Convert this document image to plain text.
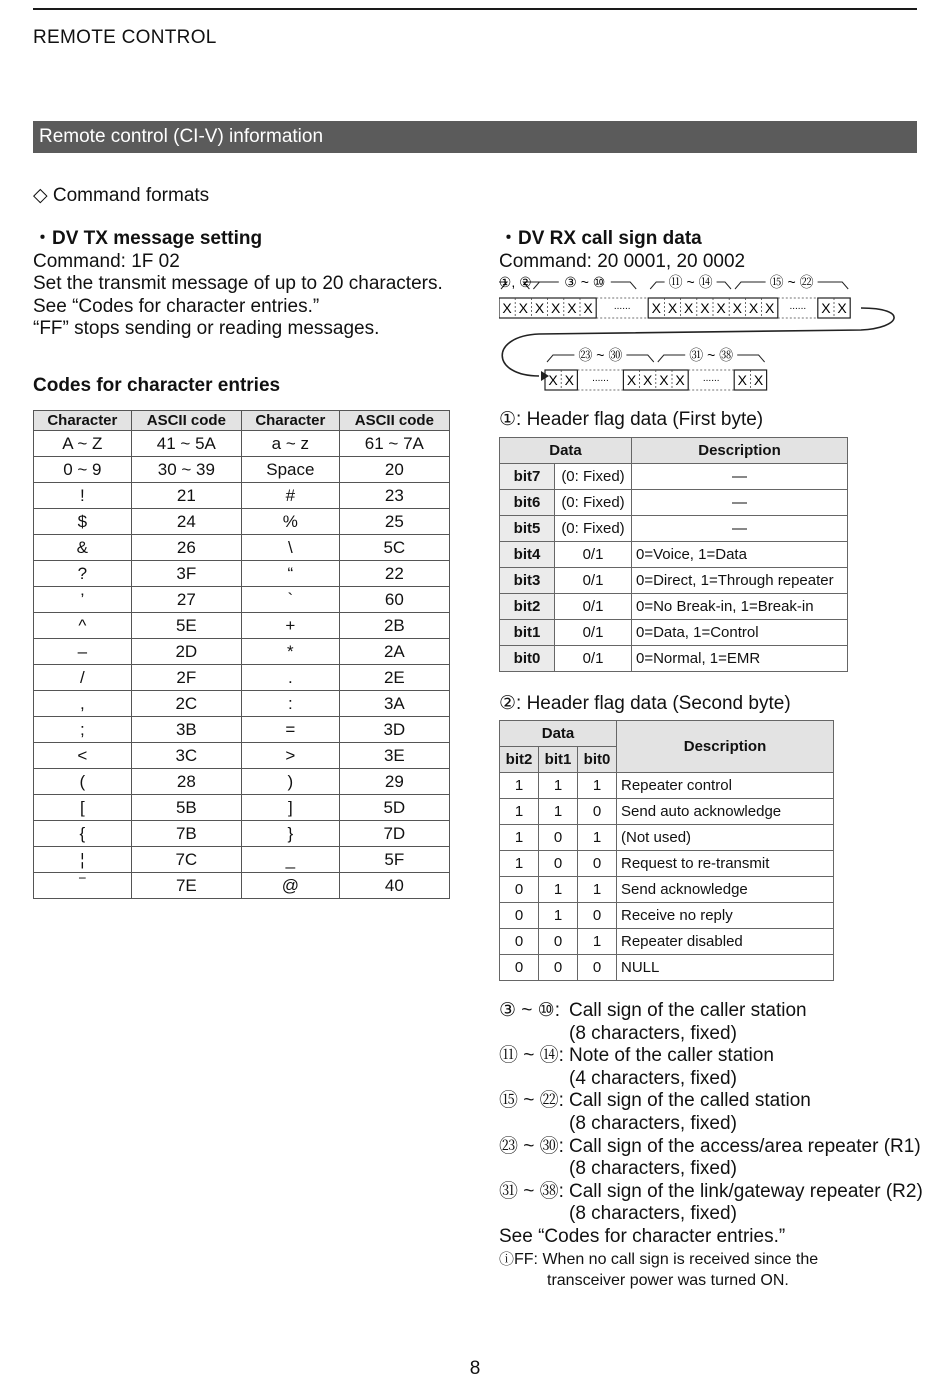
REMOTE CONTROL
Remote control (CI-V) information
◇ Command formats
・DV TX message setting
Command: 1F 02
Set the transmit message of up to 20 characters.
See “Codes for character entries.”
“FF” stops sending or reading messages.
Codes for character entries
Character	ASCII code	Character	ASCII code
A ~ Z	41 ~ 5A	a ~ z	61 ~ 7A
0 ~ 9	30 ~ 39	Space	20
!	21	#	23
$	24	%	25
&	26	\	5C
?	3F	“	22
’	27	`	60
^	5E	+	2B
–	2D	*	2A
/	2F	.	2E
,	2C	:	3A
;	3B	=	3D
<	3C	>	3E
(	28	)	29
[	5B	]	5D
{	7B	}	7D
¦	7C	_	5F
‾	7E	@	40
・DV RX call sign data
Command: 20 0001, 20 0002
X X X X X X ...... X X X X X X X X ...... X X
①, ② ③ ~ ⑩	⑪ ~ ⑭	⑮ ~ ㉒
X X ...... X X X X ...... X X
㉓ ~ ㉚	㉛ ~ ㊳
①: Header flag data (First byte)
Data		Description
bit7	(0: Fixed)	—
bit6	(0: Fixed)	—
bit5	(0: Fixed)	—
bit4	0/1	0=Voice, 1=Data
bit3	0/1	0=Direct, 1=Through repeater
bit2	0/1	0=No Break-in, 1=Break-in
bit1	0/1	0=Data, 1=Control
bit0	0/1	0=Normal, 1=EMR
②: Header flag data (Second byte)
Data			Description
bit2	bit1	bit0	
1	1	1	Repeater control
1	1	0	Send auto acknowledge
1	0	1	(Not used)
1	0	0	Request to re-transmit
0	1	1	Send acknowledge
0	1	0	Receive no reply
0	0	1	Repeater disabled
0	0	0	NULL
③ ~ ⑩: Call sign of the caller station
(8 characters, fixed)
⑪ ~ ⑭: Note of the caller station
(4 characters, fixed)
⑮ ~ ㉒: Call sign of the called station
(8 characters, fixed)
㉓ ~ ㉚: Call sign of the access/area repeater (R1)
(8 characters, fixed)
㉛ ~ ㊳: Call sign of the link/gateway repeater (R2)
(8 characters, fixed)
See “Codes for character entries.”
ⓘ FF: When no call sign is received since the
transceiver power was turned ON.
8
